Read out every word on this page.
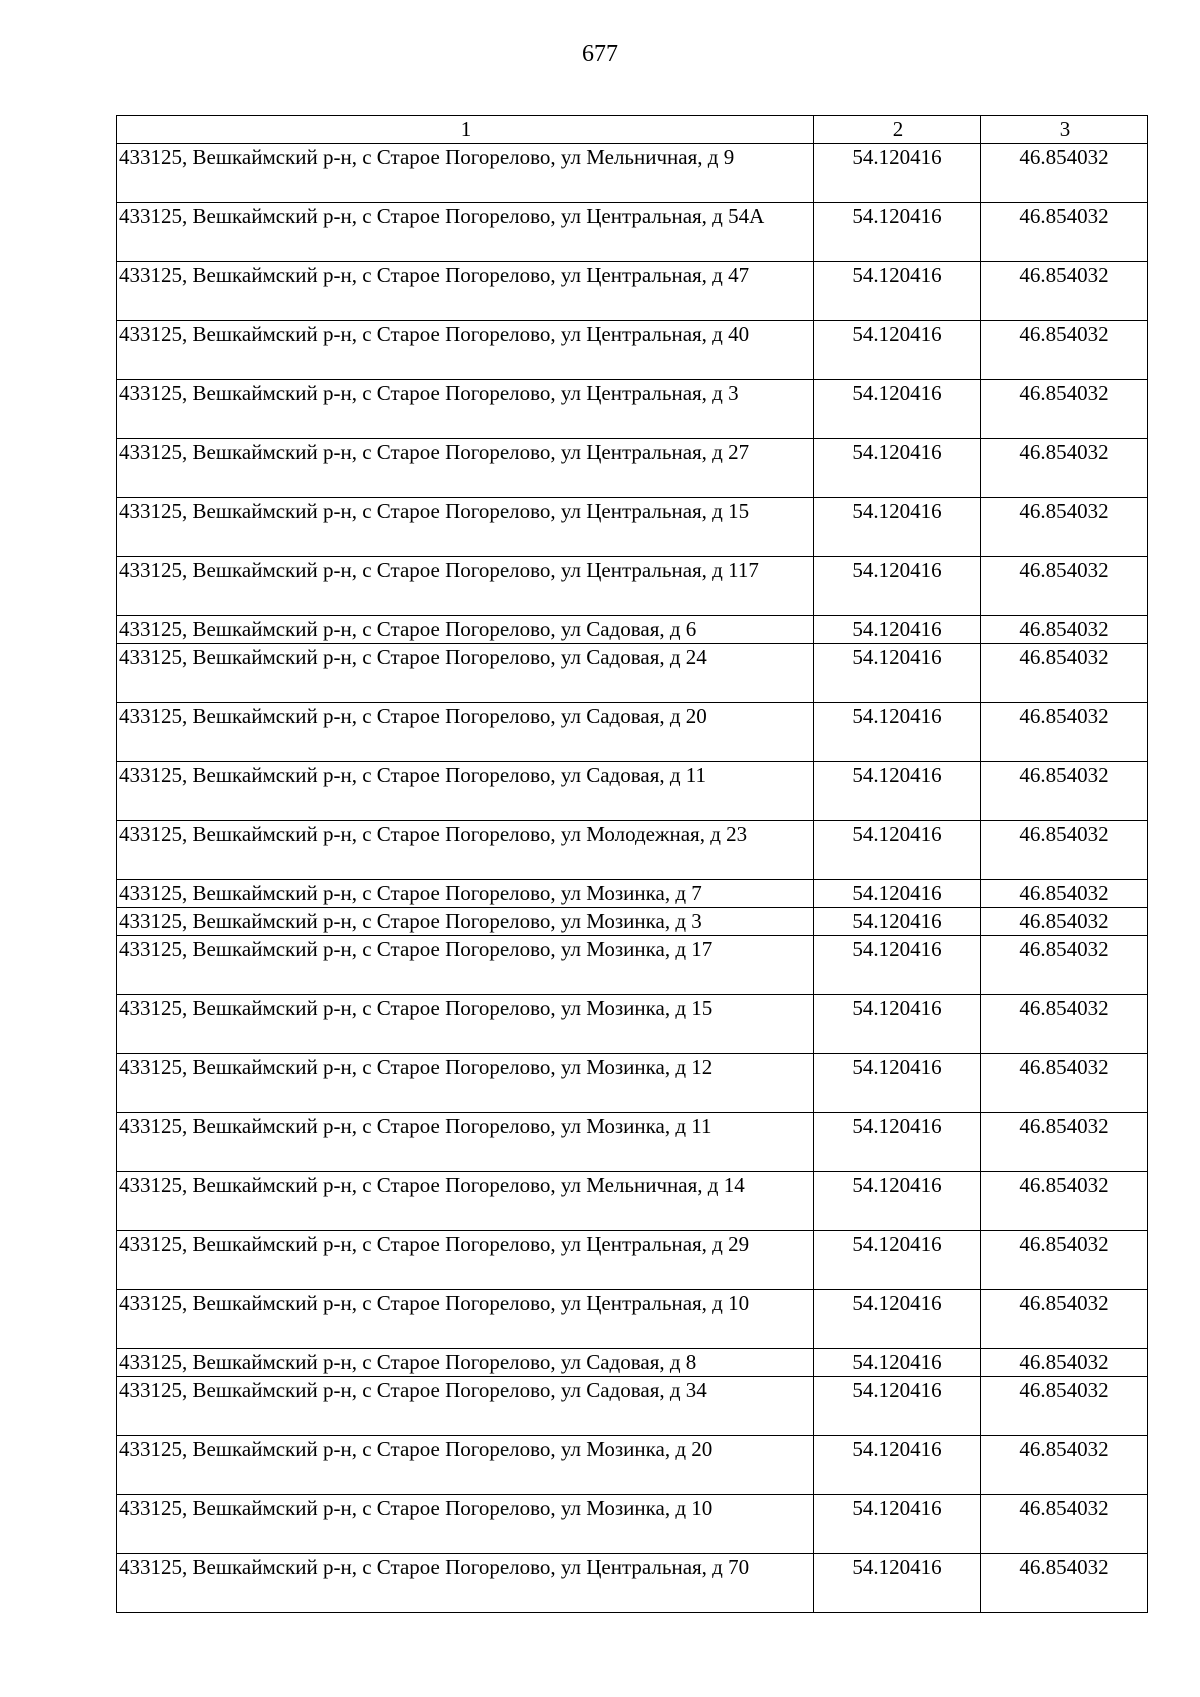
677
1	2	3
433125, Вешкаймский р-н, с Старое Погорелово, ул Мельничная, д 9	54.120416	46.854032
433125, Вешкаймский р-н, с Старое Погорелово, ул Центральная, д 54А	54.120416	46.854032
433125, Вешкаймский р-н, с Старое Погорелово, ул Центральная, д 47	54.120416	46.854032
433125, Вешкаймский р-н, с Старое Погорелово, ул Центральная, д 40	54.120416	46.854032
433125, Вешкаймский р-н, с Старое Погорелово, ул Центральная, д 3	54.120416	46.854032
433125, Вешкаймский р-н, с Старое Погорелово, ул Центральная, д 27	54.120416	46.854032
433125, Вешкаймский р-н, с Старое Погорелово, ул Центральная, д 15	54.120416	46.854032
433125, Вешкаймский р-н, с Старое Погорелово, ул Центральная, д 117	54.120416	46.854032
433125, Вешкаймский р-н, с Старое Погорелово, ул Садовая, д 6	54.120416	46.854032
433125, Вешкаймский р-н, с Старое Погорелово, ул Садовая, д 24	54.120416	46.854032
433125, Вешкаймский р-н, с Старое Погорелово, ул Садовая, д 20	54.120416	46.854032
433125, Вешкаймский р-н, с Старое Погорелово, ул Садовая, д 11	54.120416	46.854032
433125, Вешкаймский р-н, с Старое Погорелово, ул Молодежная, д 23	54.120416	46.854032
433125, Вешкаймский р-н, с Старое Погорелово, ул Мозинка, д 7	54.120416	46.854032
433125, Вешкаймский р-н, с Старое Погорелово, ул Мозинка, д 3	54.120416	46.854032
433125, Вешкаймский р-н, с Старое Погорелово, ул Мозинка, д 17	54.120416	46.854032
433125, Вешкаймский р-н, с Старое Погорелово, ул Мозинка, д 15	54.120416	46.854032
433125, Вешкаймский р-н, с Старое Погорелово, ул Мозинка, д 12	54.120416	46.854032
433125, Вешкаймский р-н, с Старое Погорелово, ул Мозинка, д 11	54.120416	46.854032
433125, Вешкаймский р-н, с Старое Погорелово, ул Мельничная, д 14	54.120416	46.854032
433125, Вешкаймский р-н, с Старое Погорелово, ул Центральная, д 29	54.120416	46.854032
433125, Вешкаймский р-н, с Старое Погорелово, ул Центральная, д 10	54.120416	46.854032
433125, Вешкаймский р-н, с Старое Погорелово, ул Садовая, д 8	54.120416	46.854032
433125, Вешкаймский р-н, с Старое Погорелово, ул Садовая, д 34	54.120416	46.854032
433125, Вешкаймский р-н, с Старое Погорелово, ул Мозинка, д 20	54.120416	46.854032
433125, Вешкаймский р-н, с Старое Погорелово, ул Мозинка, д 10	54.120416	46.854032
433125, Вешкаймский р-н, с Старое Погорелово, ул Центральная, д 70	54.120416	46.854032
